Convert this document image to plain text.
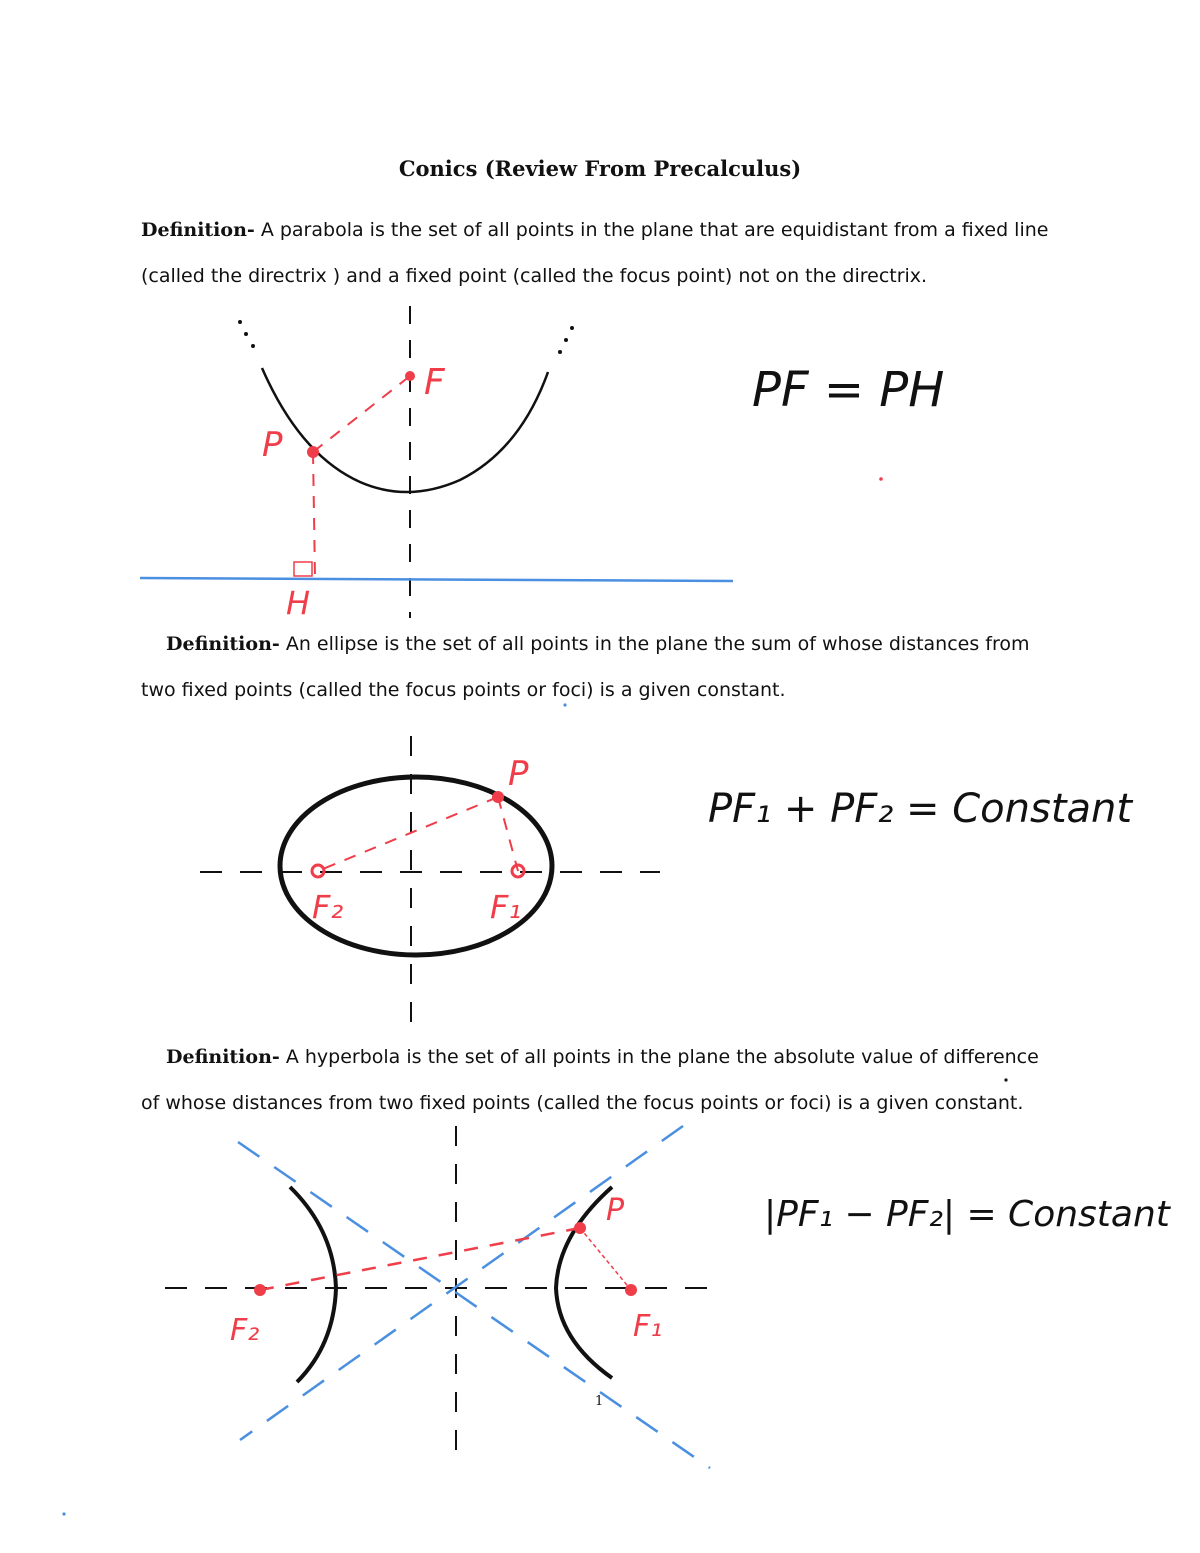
Conics (Review From Precalculus)
Definition- A parabola is the set of all points in the plane that are equidistant from a fixed line (called the directrix ) and a fixed point (called the focus point) not on the directrix.
P
F
H
PF = PH
Definition- An ellipse is the set of all points in the plane the sum of whose distances from two fixed points (called the focus points or foci) is a given constant.
P
F₂	F₁
PF₁ + PF₂ = Constant
Definition- A hyperbola is the set of all points in the plane the absolute value of difference of whose distances from two fixed points (called the focus points or foci) is a given constant.
P
F₂	F₁
|PF₁ − PF₂| = Constant
1
